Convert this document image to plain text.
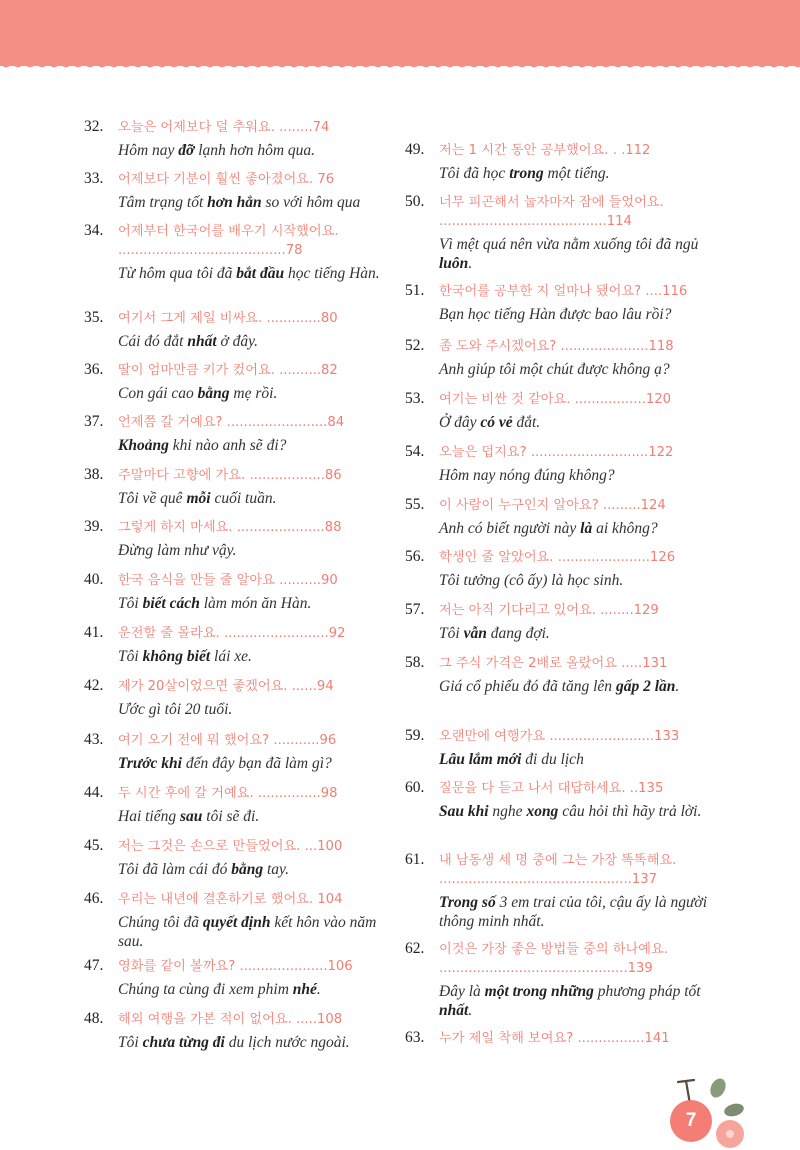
32. 오늘은 어제보다 덜 추워요. ........74
Hôm nay đỡ lạnh hơn hôm qua.
33. 어제보다 기분이 훨씬 좋아졌어요. 76
Tâm trạng tốt hơn hẳn so với hôm qua
34. 어제부터 한국어를 배우기 시작했어요. ........................................78
Từ hôm qua tôi đã bắt đầu học tiếng Hàn.
35. 여기서 그게 제일 비싸요. .............80
Cái đó đắt nhất ở đây.
36. 딸이 엄마만큼 키가 컸어요. ..........82
Con gái cao bằng mẹ rồi.
37. 언제쯤 갈 거예요? ........................84
Khoảng khi nào anh sẽ đi?
38. 주말마다 고향에 가요. ..................86
Tôi về quê mỗi cuối tuần.
39. 그렇게 하지 마세요. .....................88
Đừng làm như vậy.
40. 한국 음식을 만들 줄 알아요 ..........90
Tôi biết cách làm món ăn Hàn.
41. 운전할 줄 몰라요. .........................92
Tôi không biết lái xe.
42. 제가 20살이었으면 좋겠어요. ......94
Ước gì tôi 20 tuổi.
43. 여기 오기 전에 뭐 했어요? ...........96
Trước khi đến đây bạn đã làm gì?
44. 두 시간 후에 갈 거예요. ...............98
Hai tiếng sau tôi sẽ đi.
45. 저는 그것은 손으로 만들었어요. ...100
Tôi đã làm cái đó bằng tay.
46. 우리는 내년에 결혼하기로 했어요. 104
Chúng tôi đã quyết định kết hôn vào năm sau.
47. 영화를 같이 볼까요? .....................106
Chúng ta cùng đi xem phim nhé.
48. 해외 여행을 가본 적이 없어요. .....108
Tôi chưa từng đi du lịch nước ngoài.
49. 저는 1 시간 동안 공부했어요. . .112
Tôi đã học trong một tiếng.
50. 너무 피곤해서 눕자마자 잠에 들었어요. ........................................114
Vì mệt quá nên vừa nằm xuống tôi đã ngủ luôn.
51. 한국어를 공부한 지 얼마나 됐어요? ....116
Bạn học tiếng Hàn được bao lâu rồi?
52. 좀 도와 주시겠어요? .....................118
Anh giúp tôi một chút được không ạ?
53. 여기는 비싼 것 같아요. .................120
Ở đây có vẻ đắt.
54. 오늘은 덥지요? ............................122
Hôm nay nóng đúng không?
55. 이 사람이 누구인지 알아요? .........124
Anh có biết người này là ai không?
56. 학생인 줄 알았어요. ......................126
Tôi tưởng (cô ấy) là học sinh.
57. 저는 아직 기다리고 있어요. ........129
Tôi vẫn đang đợi.
58. 그 주식 가격은 2배로 올랐어요 .....131
Giá cổ phiếu đó đã tăng lên gấp 2 lần.
59. 오랜만에 여행가요 .........................133
Lâu lắm mới đi du lịch
60. 질문을 다 듣고 나서 대답하세요. ..135
Sau khi nghe xong câu hỏi thì hãy trả lời.
61. 내 남동생 세 명 중에 그는 가장 똑똑해요. ..............................................137
Trong số 3 em trai của tôi, cậu ấy là người thông minh nhất.
62. 이것은 가장 좋은 방법들 중의 하나예요. .............................................139
Đây là một trong những phương pháp tốt nhất.
63. 누가 제일 착해 보여요? ................141
7
